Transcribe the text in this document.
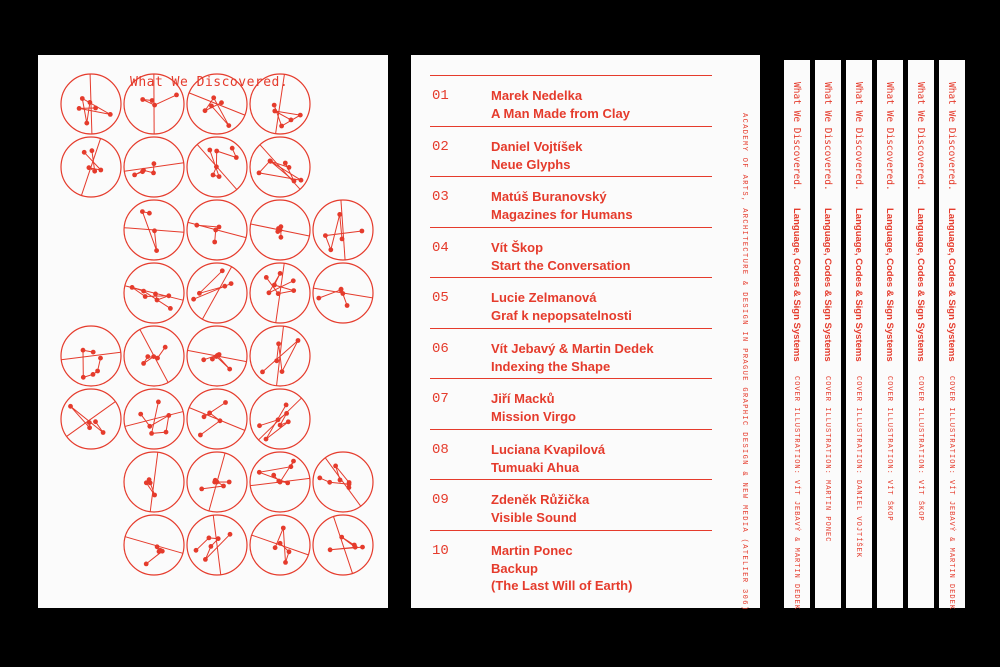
What We Discovered.
01	Marek Nedelka
A Man Made from Clay
02	Daniel Vojtíšek
Neue Glyphs
03	Matúš Buranovský
Magazines for Humans
04	Vít Škop
Start the Conversation
05	Lucie Zelmanová
Graf k nepopsatelnosti
06	Vít Jebavý & Martin Dedek
Indexing the Shape
07	Jiří Macků
Mission Virgo
08	Luciana Kvapilová
Tumuaki Ahua
09	Zdeněk Růžička
Visible Sound
10	Martin Ponec
Backup
(The Last Will of Earth)	ACADEMY OF ARTS, ARCHITECTURE & DESIGN IN PRAGUE GRAPHIC DESIGN & NEW MEDIA (ATELIER 306)	What We Discovered.
Language, Codes & Sign Systems
COVER ILLUSTRATION: VÍT JEBAVÝ & MARTIN DEDEK
What We Discovered.
Language, Codes & Sign Systems
COVER ILLUSTRATION: MARTIN PONEC
What We Discovered.
Language, Codes & Sign Systems
COVER ILLUSTRATION: DANIEL VOJTÍŠEK
What We Discovered.
Language, Codes & Sign Systems
COVER ILLUSTRATION: VÍT ŠKOP
What We Discovered.
Language, Codes & Sign Systems
COVER ILLUSTRATION: VÍT ŠKOP
What We Discovered.
Language, Codes & Sign Systems
COVER ILLUSTRATION: VÍT JEBAVÝ & MARTIN DEDEK
